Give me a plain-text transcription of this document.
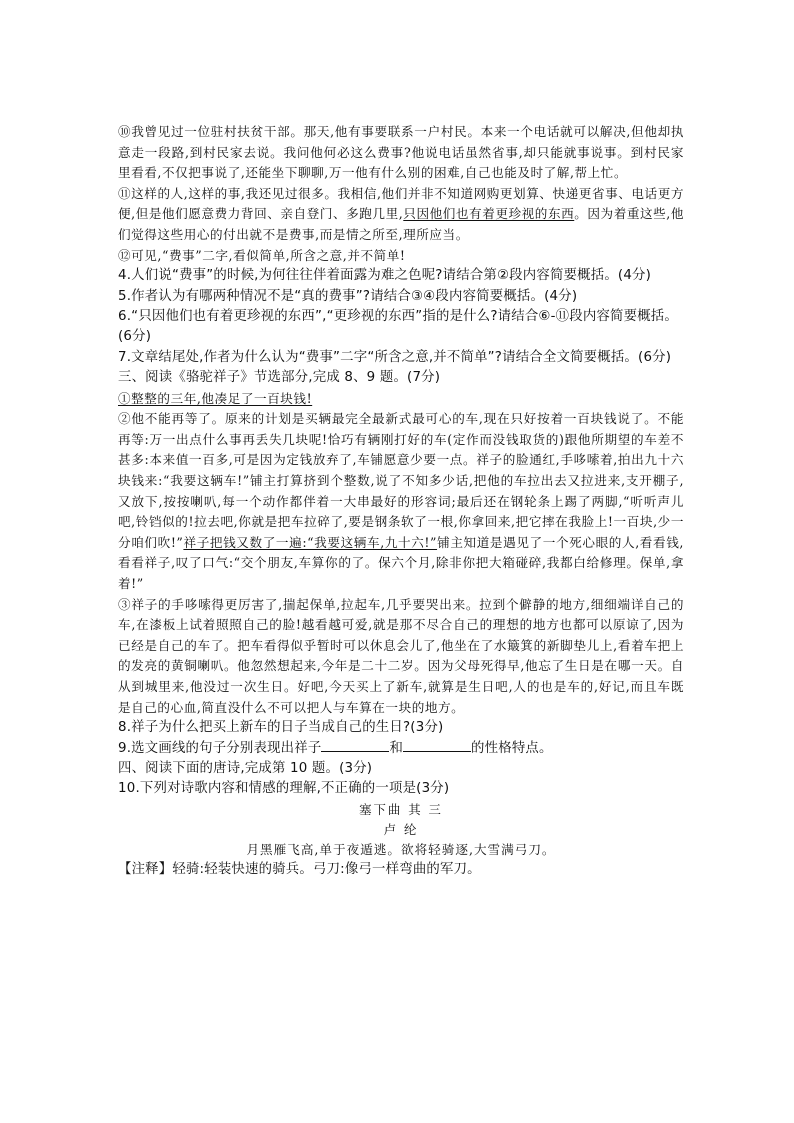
⑩我曾见过一位驻村扶贫干部。那天,他有事要联系一户村民。本来一个电话就可以解决,但他却执意走一段路,到村民家去说。我问他何必这么费事?他说电话虽然省事,却只能就事说事。到村民家里看看,不仅把事说了,还能坐下聊聊,万一他有什么别的困难,自己也能及时了解,帮上忙。

⑪这样的人,这样的事,我还见过很多。我相信,他们并非不知道网购更划算、快递更省事、电话更方便,但是他们愿意费力背回、亲自登门、多跑几里,只因他们也有着更珍视的东西。因为着重这些,他们觉得这些用心的付出就不是费事,而是情之所至,理所应当。

⑫可见,“费事”二字,看似简单,所含之意,并不简单!

4.人们说“费事”的时候,为何往往伴着面露为难之色呢?请结合第②段内容简要概括。(4分)

5.作者认为有哪两种情况不是“真的费事”?请结合③④段内容简要概括。(4分)

6.“只因他们也有着更珍视的东西”,“更珍视的东西”指的是什么?请结合⑥-⑪段内容简要概括。(6分)

7.文章结尾处,作者为什么认为“费事”二字“所含之意,并不简单”?请结合全文简要概括。(6分)

三、阅读《骆驼祥子》节选部分,完成 8、9 题。(7分)

①整整的三年,他凑足了一百块钱!

②他不能再等了。原来的计划是买辆最完全最新式最可心的车,现在只好按着一百块钱说了。不能再等:万一出点什么事再丢失几块呢!恰巧有辆刚打好的车(定作而没钱取货的)跟他所期望的车差不甚多:本来值一百多,可是因为定钱放弃了,车铺愿意少要一点。祥子的脸通红,手哆嗦着,拍出九十六块钱来:“我要这辆车!”铺主打算挤到个整数,说了不知多少话,把他的车拉出去又拉进来,支开棚子,又放下,按按喇叭,每一个动作都伴着一大串最好的形容词;最后还在钢轮条上踢了两脚,“听听声儿吧,铃铛似的!拉去吧,你就是把车拉碎了,要是钢条软了一根,你拿回来,把它摔在我脸上!一百块,少一分咱们吹!”祥子把钱又数了一遍:“我要这辆车,九十六!”铺主知道是遇见了一个死心眼的人,看看钱,看看祥子,叹了口气:“交个朋友,车算你的了。保六个月,除非你把大箱碰碎,我都白给修理。保单,拿着!”

③祥子的手哆嗦得更厉害了,揣起保单,拉起车,几乎要哭出来。拉到个僻静的地方,细细端详自己的车,在漆板上试着照照自己的脸!越看越可爱,就是那不尽合自己的理想的地方也都可以原谅了,因为已经是自己的车了。把车看得似乎暂时可以休息会儿了,他坐在了水簸箕的新脚垫儿上,看着车把上的发亮的黄铜喇叭。他忽然想起来,今年是二十二岁。因为父母死得早,他忘了生日是在哪一天。自从到城里来,他没过一次生日。好吧,今天买上了新车,就算是生日吧,人的也是车的,好记,而且车既是自己的心血,简直没什么不可以把人与车算在一块的地方。

8.祥子为什么把买上新车的日子当成自己的生日?(3分)

9.选文画线的句子分别表现出祥子	和	的性格特点。

四、阅读下面的唐诗,完成第 10 题。(3分)

10.下列对诗歌内容和情感的理解,不正确的一项是(3分)

塞下曲 其 三

卢 纶

月黑雁飞高,单于夜遁逃。欲将轻骑逐,大雪满弓刀。

【注释】轻骑:轻装快速的骑兵。弓刀:像弓一样弯曲的军刀。
